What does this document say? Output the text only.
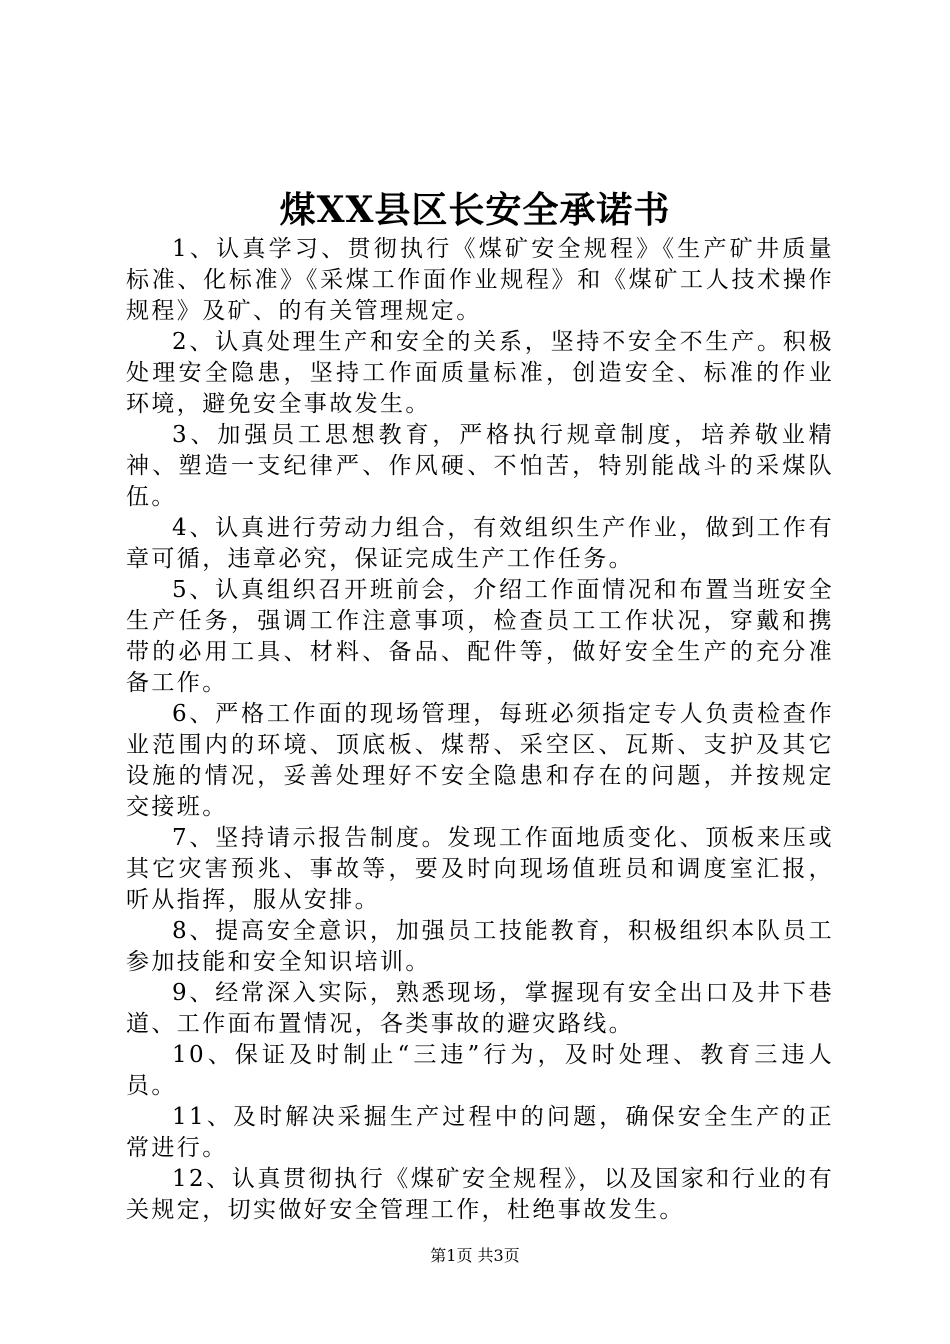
煤XX县区长安全承诺书

1、认真学习、贯彻执行《煤矿安全规程》《生产矿井质量标准、化标准》《采煤工作面作业规程》和《煤矿工人技术操作规程》及矿、的有关管理规定。

2、认真处理生产和安全的关系，坚持不安全不生产。积极处理安全隐患，坚持工作面质量标准，创造安全、标准的作业环境，避免安全事故发生。

3、加强员工思想教育，严格执行规章制度，培养敬业精神、塑造一支纪律严、作风硬、不怕苦，特别能战斗的采煤队伍。

4、认真进行劳动力组合，有效组织生产作业，做到工作有章可循，违章必究，保证完成生产工作任务。

5、认真组织召开班前会，介绍工作面情况和布置当班安全生产任务，强调工作注意事项，检查员工工作状况，穿戴和携带的必用工具、材料、备品、配件等，做好安全生产的充分准备工作。

6、严格工作面的现场管理，每班必须指定专人负责检查作业范围内的环境、顶底板、煤帮、采空区、瓦斯、支护及其它设施的情况，妥善处理好不安全隐患和存在的问题，并按规定交接班。

7、坚持请示报告制度。发现工作面地质变化、顶板来压或其它灾害预兆、事故等，要及时向现场值班员和调度室汇报，听从指挥，服从安排。

8、提高安全意识，加强员工技能教育，积极组织本队员工参加技能和安全知识培训。

9、经常深入实际，熟悉现场，掌握现有安全出口及井下巷道、工作面布置情况，各类事故的避灾路线。

10、保证及时制止“三违”行为，及时处理、教育三违人员。

11、及时解决采掘生产过程中的问题，确保安全生产的正常进行。

12、认真贯彻执行《煤矿安全规程》，以及国家和行业的有关规定，切实做好安全管理工作，杜绝事故发生。

第1页 共3页
